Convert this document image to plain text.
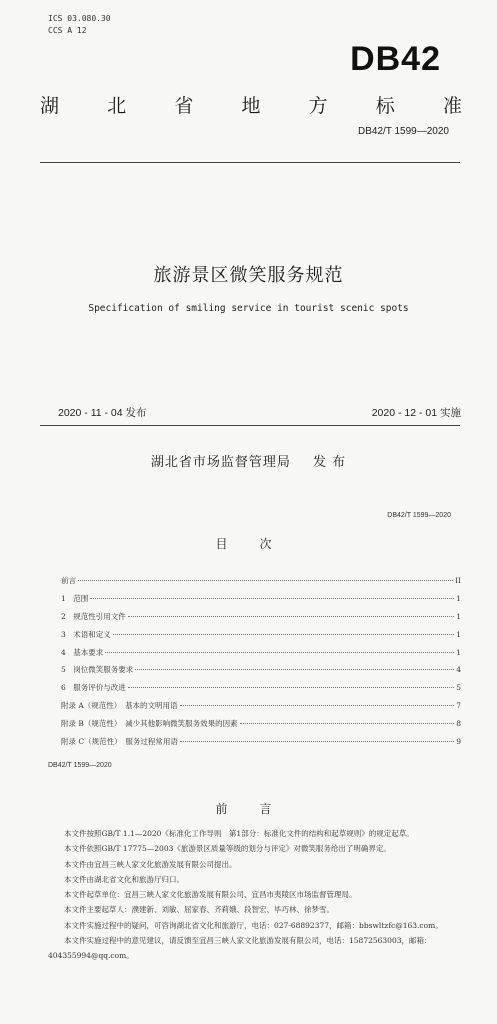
ICS 03.080.30
CCS A 12
DB42
湖 北 省 地 方 标 准
DB42/T 1599—2020
旅游景区微笑服务规范
Specification of smiling service in tourist scenic spots
2020 - 11 - 04 发布	2020 - 12 - 01 实施
湖北省市场监督管理局 发 布
DB42/T 1599—2020
目　次
前言	II
1　范围	1
2　规范性引用文件	1
3　术语和定义	1
4　基本要求	1
5　岗位微笑服务要求	4
6　服务评价与改进	5
附录 A（规范性）　基本的文明用语	7
附录 B（规范性）　减少其他影响微笑服务效果的因素	8
附录 C（规范性）　服务过程常用语	9
DB42/T 1599—2020
前　言

本文件按照GB/T 1.1—2020《标准化工作导则　第1部分：标准化文件的结构和起草规则》的规定起草。

本文件依照GB/T 17775—2003《旅游景区质量等级的划分与评定》对微笑服务给出了明确界定。

本文件由宜昌三峡人家文化旅游发展有限公司提出。

本文件由湖北省文化和旅游厅归口。

本文件起草单位：宜昌三峡人家文化旅游发展有限公司、宜昌市夷陵区市场监督管理局。

本文件主要起草人：濮建新、刘敏、屈家春、齐莉娥、段智宏、毕巧林、徐梦雪。

本文件实施过程中的疑问，可咨询湖北省文化和旅游厅，电话：027-68892377，邮箱：bbswltzfc@163.com。

本文件实施过程中的意见建议，请反馈至宜昌三峡人家文化旅游发展有限公司，电话：15872563003，邮箱：404355994@qq.com。
